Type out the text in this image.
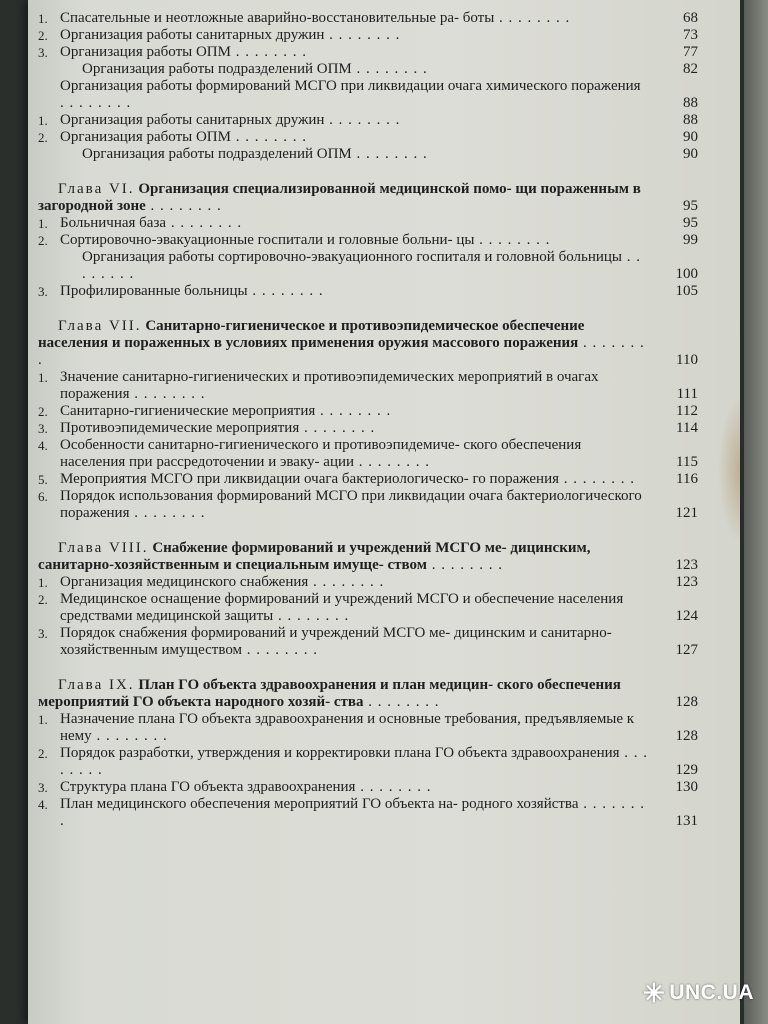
1. Спасательные и неотложные аварийно-восстановительные ра- боты . . . . . . . .	68
2. Организация работы санитарных дружин . . . . . . . .	73
3. Организация работы ОПМ . . . . . . . .	77
Организация работы подразделений ОПМ . . . . . . . .	82
Организация работы формирований МСГО при ликвидации очага химического поражения . . . . . . . .	88
1. Организация работы санитарных дружин . . . . . . . .	88
2. Организация работы ОПМ . . . . . . . .	90
Организация работы подразделений ОПМ . . . . . . . .	90
Глава VI. Организация специализированной медицинской помо- щи пораженным в загородной зоне . . . . . . . .	95
1. Больничная база . . . . . . . .	95
2. Сортировочно-эвакуационные госпитали и головные больни- цы . . . . . . . .	99
Организация работы сортировочно-эвакуационного госпиталя и головной больницы . . . . . . . .	100
3. Профилированные больницы . . . . . . . .	105
Глава VII. Санитарно-гигиеническое и противоэпидемическое обеспечение населения и пораженных в условиях применения оружия массового поражения . . . . . . . .	110
1. Значение санитарно-гигиенических и противоэпидемических мероприятий в очагах поражения . . . . . . . .	111
2. Санитарно-гигиенические мероприятия . . . . . . . .	112
3. Противоэпидемические мероприятия . . . . . . . .	114
4. Особенности санитарно-гигиенического и противоэпидемиче- ского обеспечения населения при рассредоточении и эваку- ации . . . . . . . .	115
5. Мероприятия МСГО при ликвидации очага бактериологическо- го поражения . . . . . . . .	116
6. Порядок использования формирований МСГО при ликвидации очага бактериологического поражения . . . . . . . .	121
Глава VIII. Снабжение формирований и учреждений МСГО ме- дицинским, санитарно-хозяйственным и специальным имуще- ством . . . . . . . .	123
1. Организация медицинского снабжения . . . . . . . .	123
2. Медицинское оснащение формирований и учреждений МСГО и обеспечение населения средствами медицинской защиты . . . . . . . .	124
3. Порядок снабжения формирований и учреждений МСГО ме- дицинским и санитарно-хозяйственным имуществом . . . . . . . .	127
Глава IX. План ГО объекта здравоохранения и план медицин- ского обеспечения мероприятий ГО объекта народного хозяй- ства . . . . . . . .	128
1. Назначение плана ГО объекта здравоохранения и основные требования, предъявляемые к нему . . . . . . . .	128
2. Порядок разработки, утверждения и корректировки плана ГО объекта здравоохранения . . . . . . . .	129
3. Структура плана ГО объекта здравоохранения . . . . . . . .	130
4. План медицинского обеспечения мероприятий ГО объекта на- родного хозяйства . . . . . . . .	131
✳ UNC.UA
